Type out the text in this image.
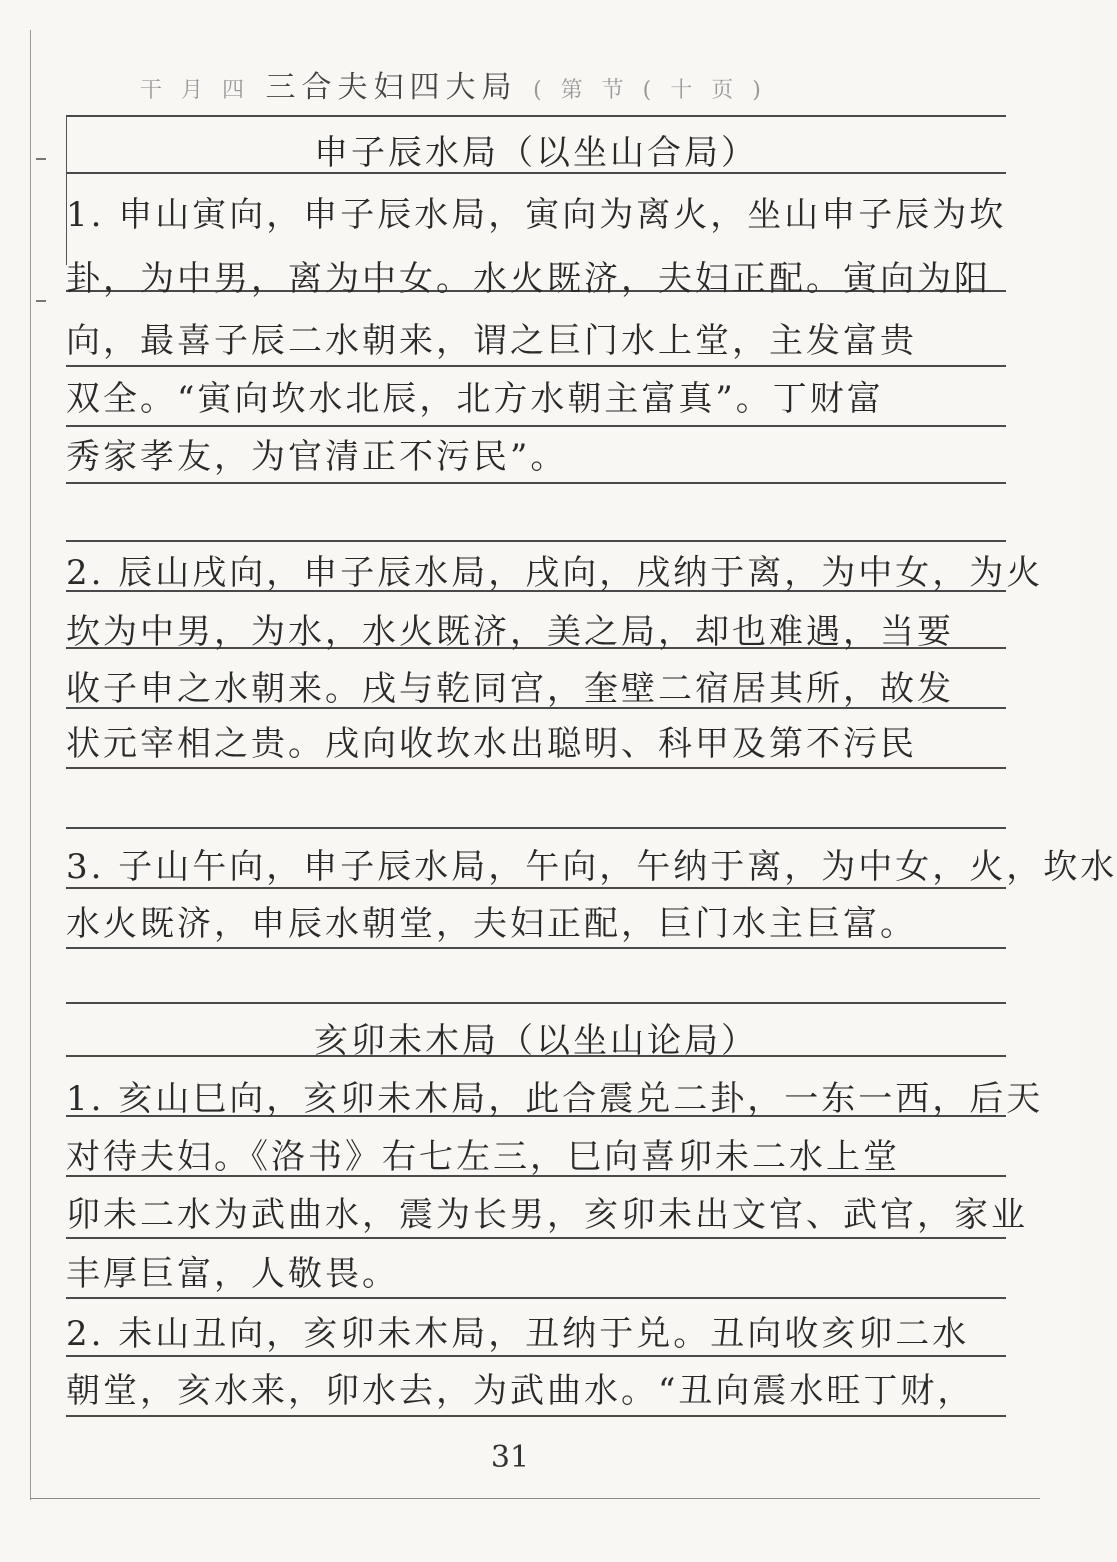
干 月 四 三合夫妇四大局 ( 第 节 ( 十 页 )
申子辰水局（以坐山合局）
1. 申山寅向，申子辰水局，寅向为离火，坐山申子辰为坎
卦，为中男，离为中女。水火既济，夫妇正配。寅向为阳
向，最喜子辰二水朝来，谓之巨门水上堂，主发富贵
双全。“寅向坎水北辰，北方水朝主富真”。丁财富
秀家孝友，为官清正不污民”。
2. 辰山戌向，申子辰水局，戌向，戌纳于离，为中女，为火
坎为中男，为水，水火既济，美之局，却也难遇，当要
收子申之水朝来。戌与乾同宫，奎壁二宿居其所，故发
状元宰相之贵。戌向收坎水出聪明、科甲及第不污民
3. 子山午向，申子辰水局，午向，午纳于离，为中女，火，坎水
水火既济，申辰水朝堂，夫妇正配，巨门水主巨富。
亥卯未木局（以坐山论局）
1. 亥山巳向，亥卯未木局，此合震兑二卦，一东一西，后天
对待夫妇。《洛书》右七左三，巳向喜卯未二水上堂
卯未二水为武曲水，震为长男，亥卯未出文官、武官，家业
丰厚巨富，人敬畏。
2. 未山丑向，亥卯未木局，丑纳于兑。丑向收亥卯二水
朝堂，亥水来，卯水去，为武曲水。“丑向震水旺丁财，
31
